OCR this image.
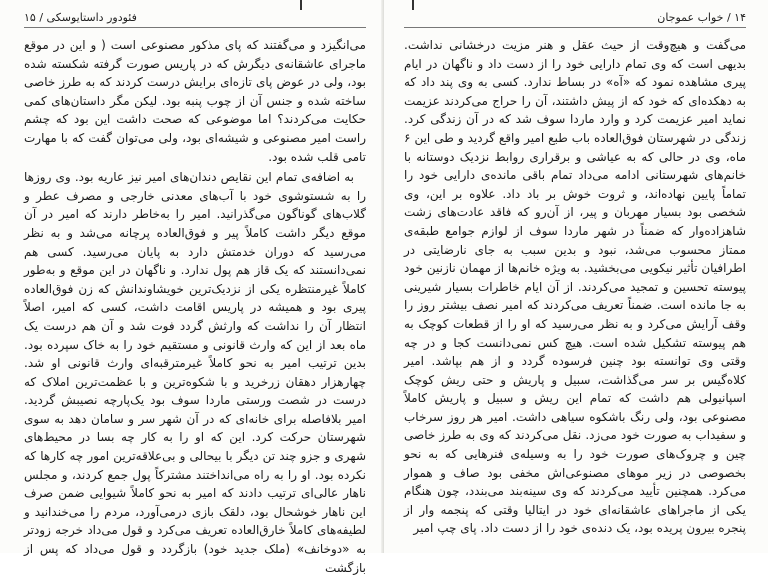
فئودور داستایوسکی / ۱۵

می‌انگیزد و می‌گفتند که پای مذکور مصنوعی است ( و این در موقع ماجرای عاشقانه‌ی دیگرش که در پاریس صورت گرفته شکسته شده بود، ولی در عوض پای تازه‌ای برایش درست کردند که به طرز خاصی ساخته شده و جنس آن از چوب پنبه بود. لیکن مگر داستان‌های کمی حکایت می‌کردند؟ اما موضوعی که صحت داشت این بود که چشم راست امیر مصنوعی و شیشه‌ای بود، ولی می‌توان گفت که با مهارت تامی قلب شده بود.

به اضافه‌ی تمام این نقایص دندان‌های امیر نیز عاریه بود. وی روزها را به شستوشوی خود با آب‌های معدنی خارجی و مصرف عطر و گلاب‌های گوناگون می‌گذرانید. امیر را به‌خاطر دارند که امیر در آن موقع دیگر داشت کاملاً پیر و فوق‌العاده پرچانه می‌شد و به نظر می‌رسید که دوران خدمتش دارد به پایان می‌رسید. کسی هم نمی‌دانستند که یک قاز هم پول ندارد. و ناگهان در این موقع و به‌طور کاملاً غیرمنتظره یکی از نزدیک‌ترین خویشاوندانش که زن فوق‌العاده پیری بود و همیشه در پاریس اقامت داشت، کسی که امیر، اصلاً انتظار آن را نداشت که وارثش گردد فوت شد و آن هم درست یک ماه بعد از این که وارث قانونی و مستقیم خود را به خاک سپرده بود. بدین ترتیب امیر به نحو کاملاً غیرمترقبه‌ای وارث قانونی او شد. چهارهزار دهقان زرخرید و با شکوه‌ترین و با عظمت‌ترین املاک که درست در شصت ورستی ماردا سوف بود یک‌پارچه نصیبش گردید. امیر بلافاصله برای خانه‌ای که در آن شهر سر و سامان دهد به سوی شهرستان حرکت کرد. این که او را به کار چه بسا در محیط‌های شهری و جزو چند تن دیگر با بیحالی و بی‌علاقه‌ترین امور چه کارها که نکرده بود. او را به راه می‌انداختند مشترکاً پول جمع کردند، و مجلس ناهار عالی‌ای ترتیب دادند که امیر به نحو کاملاً شیوایی ضمن صرف این ناهار خوشحال بود، دلقک بازی درمی‌آورد، مردم را می‌خندانید و لطیفه‌های کاملاً خارق‌العاده تعریف می‌کرد و قول می‌داد خرجه زودتر به «دوخانف» (ملک جدید خود) بازگردد و قول می‌داد که پس از بازگشت

۱۴ / خواب عموجان

می‌گفت و هیچ‌وقت از حیث عقل و هنر مزیت درخشانی نداشت. بدیهی است که وی تمام دارایی خود را از دست داد و ناگهان در ایام پیری مشاهده نمود که «آه» در بساط ندارد. کسی به وی پند داد که به دهکده‌ای که خود که از پیش داشتند، آن را حراج می‌کردند عزیمت نماید امیر عزیمت کرد و وارد ماردا سوف شد که در آن زندگی کرد. زندگی در شهرستان فوق‌العاده باب طبع امیر واقع گردید و طی این ۶ ماه، وی در حالی که به عیاشی و برقراری روابط نزدیک دوستانه با خانم‌های شهرستانی ادامه می‌داد تمام باقی مانده‌ی دارایی خود را تماماً پایین نهاده‌اند، و ثروت خوش بر باد داد. علاوه بر این، وی شخصی بود بسیار مهربان و پیر، از آن‌رو که فاقد عادت‌های زشت شاهزاده‌وار که ضمناً در شهر ماردا سوف از لوازم جوامع طبقه‌ی ممتاز محسوب می‌شد، نبود و بدین سبب به جای نارضایتی در اطرافیان تأثیر نیکویی می‌بخشید. به ویژه خانم‌ها از مهمان نازنین خود پیوسته تحسین و تمجید می‌کردند. از آن ایام خاطرات بسیار شیرینی به جا مانده است. ضمناً تعریف می‌کردند که امیر نصف بیشتر روز را وقف آرایش می‌کرد و به نظر می‌رسید که او را از قطعات کوچک به هم پیوسته تشکیل شده است. هیچ کس نمی‌دانست کجا و در چه وقتی وی توانسته بود چنین فرسوده گردد و از هم بپاشد. امیر کلاه‌گیس بر سر می‌گذاشت، سبیل و پاریش و حتی ریش کوچک اسپانیولی هم داشت که تمام این ریش و سبیل و پاریش کاملاً مصنوعی بود، ولی رنگ باشکوه سیاهی داشت. امیر هر روز سرخاب و سفیداب به صورت خود می‌زد. نقل می‌کردند که وی به طرز خاصی چین و چروک‌های صورت خود را به وسیله‌ی فنرهایی که به نحو بخصوصی در زیر موهای مصنوعی‌اش مخفی بود صاف و هموار می‌کرد. همچنین تأیید می‌کردند که وی سینه‌بند می‌بندد، چون هنگام یکی از ماجراهای عاشقانه‌ای خود در ایتالیا وقتی که پنجمه وار از پنجره بیرون پریده بود، یک دنده‌ی خود را از دست داد. پای چپ امیر
